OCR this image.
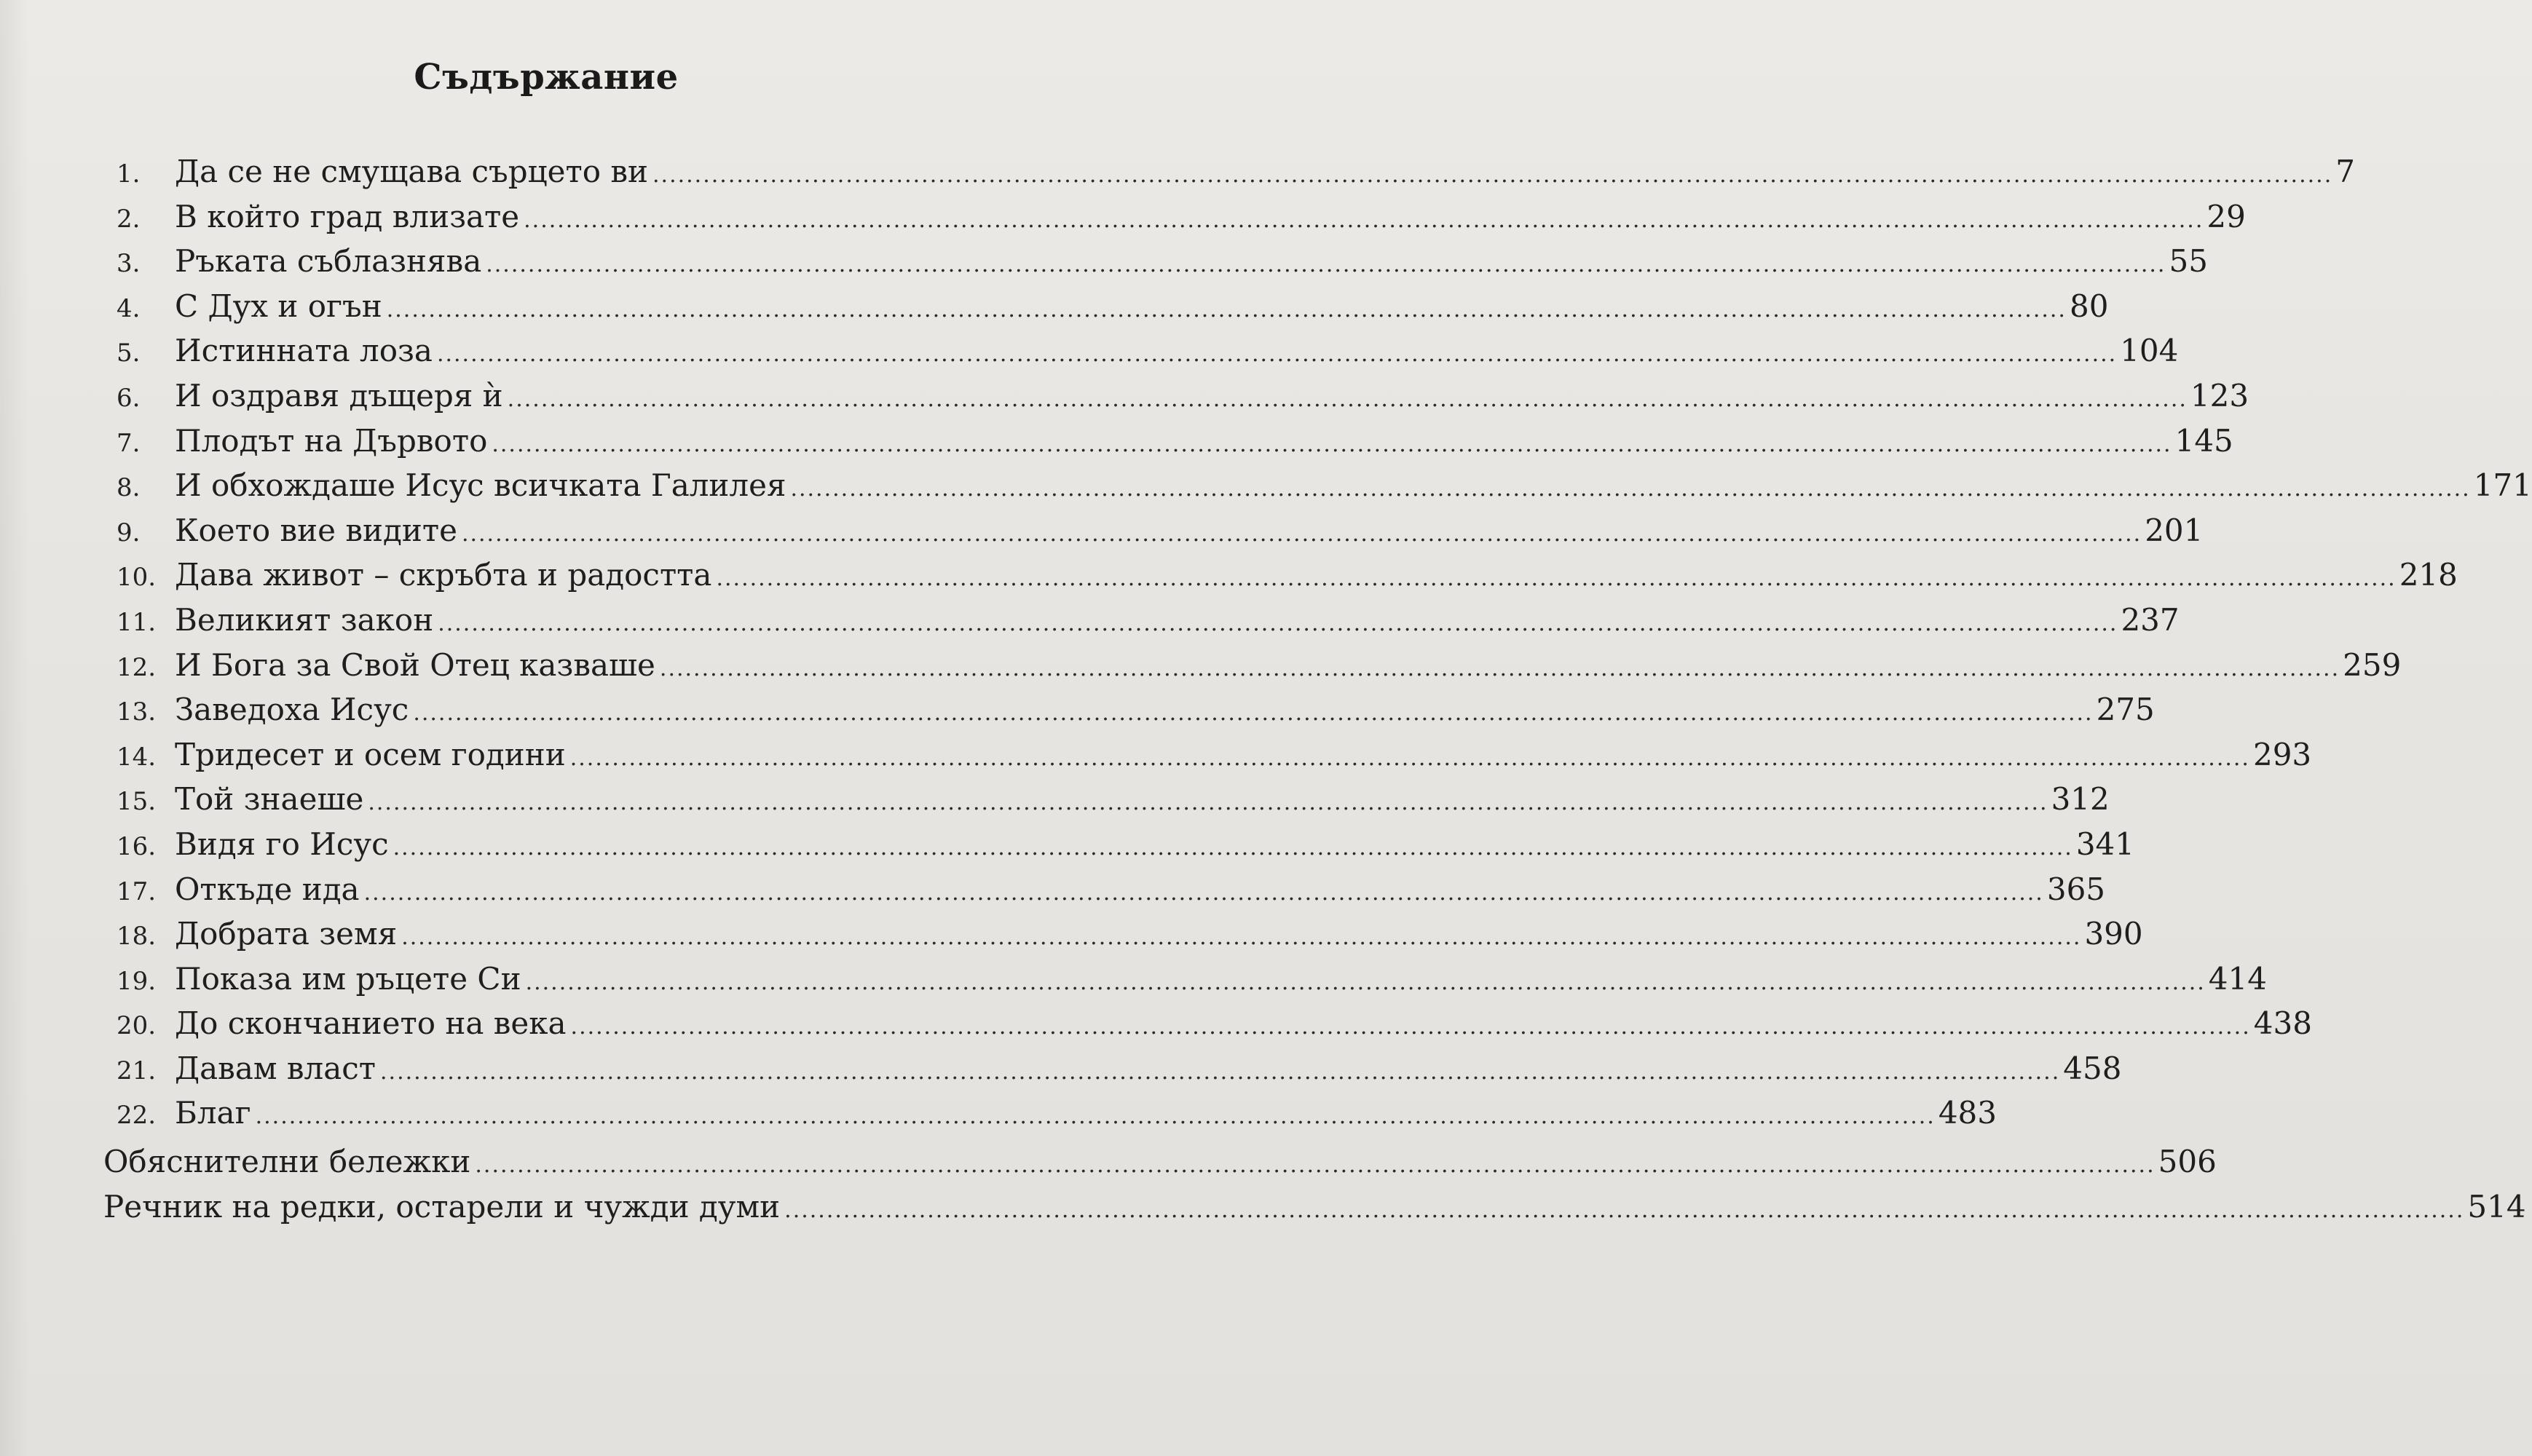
Съдържание
1.	Да се не смущава сърцето ви ........................................................................................................................................................................................................ 7
2.	В който град влизате ........................................................................................................................................................................................................ 29
3.	Ръката съблазнява ........................................................................................................................................................................................................ 55
4.	С Дух и огън ........................................................................................................................................................................................................ 80
5.	Истинната лоза ........................................................................................................................................................................................................ 104
6.	И оздравя дъщеря ѝ ........................................................................................................................................................................................................ 123
7.	Плодът на Дървото ........................................................................................................................................................................................................ 145
8.	И обхождаше Исус всичката Галилея ........................................................................................................................................................................................................ 171
9.	Което вие видите ........................................................................................................................................................................................................ 201
10. Дава живот – скръбта и радостта ........................................................................................................................................................................................................ 218
11. Великият закон ........................................................................................................................................................................................................ 237
12. И Бога за Свой Отец казваше ........................................................................................................................................................................................................ 259
13. Заведоха Исус ........................................................................................................................................................................................................ 275
14. Тридесет и осем години ........................................................................................................................................................................................................ 293
15. Той знаеше ........................................................................................................................................................................................................ 312
16. Видя го Исус ........................................................................................................................................................................................................ 341
17. Откъде ида ........................................................................................................................................................................................................ 365
18. Добрата земя ........................................................................................................................................................................................................ 390
19. Показа им ръцете Си ........................................................................................................................................................................................................ 414
20. До скончанието на века ........................................................................................................................................................................................................ 438
21. Давам власт ........................................................................................................................................................................................................ 458
22. Благ ........................................................................................................................................................................................................ 483
Обяснителни бележки ........................................................................................................................................................................................................ 506
Речник на редки, остарели и чужди думи ........................................................................................................................................................................................................ 514
